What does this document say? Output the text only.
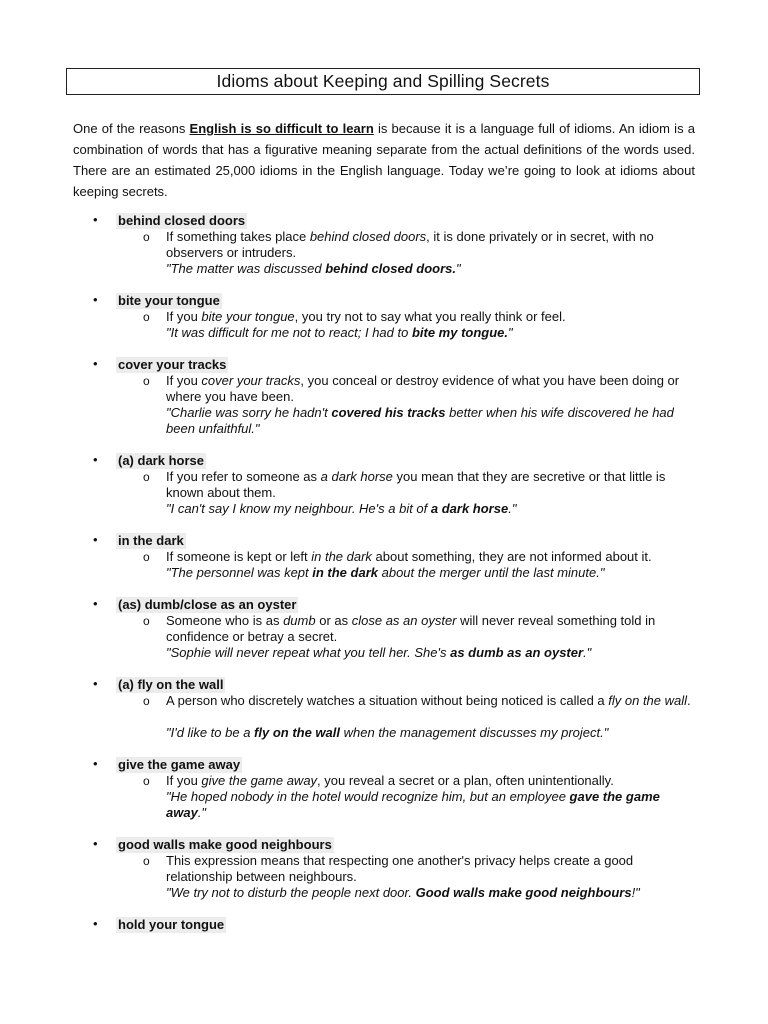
Idioms about Keeping and Spilling Secrets
One of the reasons English is so difficult to learn is because it is a language full of idioms. An idiom is a combination of words that has a figurative meaning separate from the actual definitions of the words used. There are an estimated 25,000 idioms in the English language. Today we’re going to look at idioms about keeping secrets.
• behind closed doors
o If something takes place behind closed doors, it is done privately or in secret, with no observers or intruders.
"The matter was discussed behind closed doors."
• bite your tongue
o If you bite your tongue, you try not to say what you really think or feel.
"It was difficult for me not to react; I had to bite my tongue."
• cover your tracks
o If you cover your tracks, you conceal or destroy evidence of what you have been doing or where you have been.
"Charlie was sorry he hadn't covered his tracks better when his wife discovered he had been unfaithful."
• (a) dark horse
o If you refer to someone as a dark horse you mean that they are secretive or that little is known about them.
"I can't say I know my neighbour. He's a bit of a dark horse."
• in the dark
o If someone is kept or left in the dark about something, they are not informed about it.
"The personnel was kept in the dark about the merger until the last minute."
• (as) dumb/close as an oyster
o Someone who is as dumb or as close as an oyster will never reveal something told in confidence or betray a secret.
"Sophie will never repeat what you tell her. She's as dumb as an oyster."
• (a) fly on the wall
o A person who discretely watches a situation without being noticed is called a fly on the wall.
"I'd like to be a fly on the wall when the management discusses my project."
• give the game away
o If you give the game away, you reveal a secret or a plan, often unintentionally.
"He hoped nobody in the hotel would recognize him, but an employee gave the game away."
• good walls make good neighbours
o This expression means that respecting one another's privacy helps create a good relationship between neighbours.
"We try not to disturb the people next door. Good walls make good neighbours!"
• hold your tongue
